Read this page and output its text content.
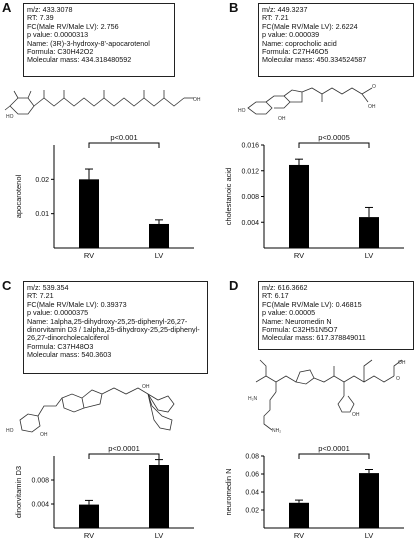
A m/z: 433.3078
RT: 7.39
FC(Male RV/Male LV): 2.756
p value: 0.0000313
Name: (3R)-3-hydroxy-8'-apocarotenol
Formula: C30H42O2
Molecular mass: 434.318480592
HO
OH
0.01
0.02
apocarotenol
RV	LV
p<0.001
B	m/z: 449.3237
RT: 7.21
FC(Male RV/Male LV): 2.6224
p value: 0.000039
Name: coprocholic acid
Formula: C27H46O5
Molecular mass: 450.334524587
HO
OH
O
OH
0.004
0.008
0.012
0.016
cholestanoic acid
RV	LV
p<0.0005
C m/z: 539.354
RT: 7.21
FC(Male RV/Male LV): 0.39373
p value: 0.0000375
Name: 1alpha,25-dihydroxy-25,25-diphenyl-26,27-dinorvitamin D3 / 1alpha,25-dihydroxy-25,25-diphenyl-26,27-dinorcholecalciferol
Formula: C37H48O3
Molecular mass: 540.3603
HO
OH
OH
0.004
0.008
dinorvitamin D3
RV	LV
p<0.0001
D	m/z: 616.3662
RT: 6.17
FC(Male RV/Male LV): 0.46815
p value: 0.00005
Name: Neuromedin N
Formula: C32H51N5O7
Molecular mass: 617.378849011
H₂N
OH
O
OH
NH₂
0.02
0.04
0.06
0.08
neuromedin N
RV	LV
p<0.0001
